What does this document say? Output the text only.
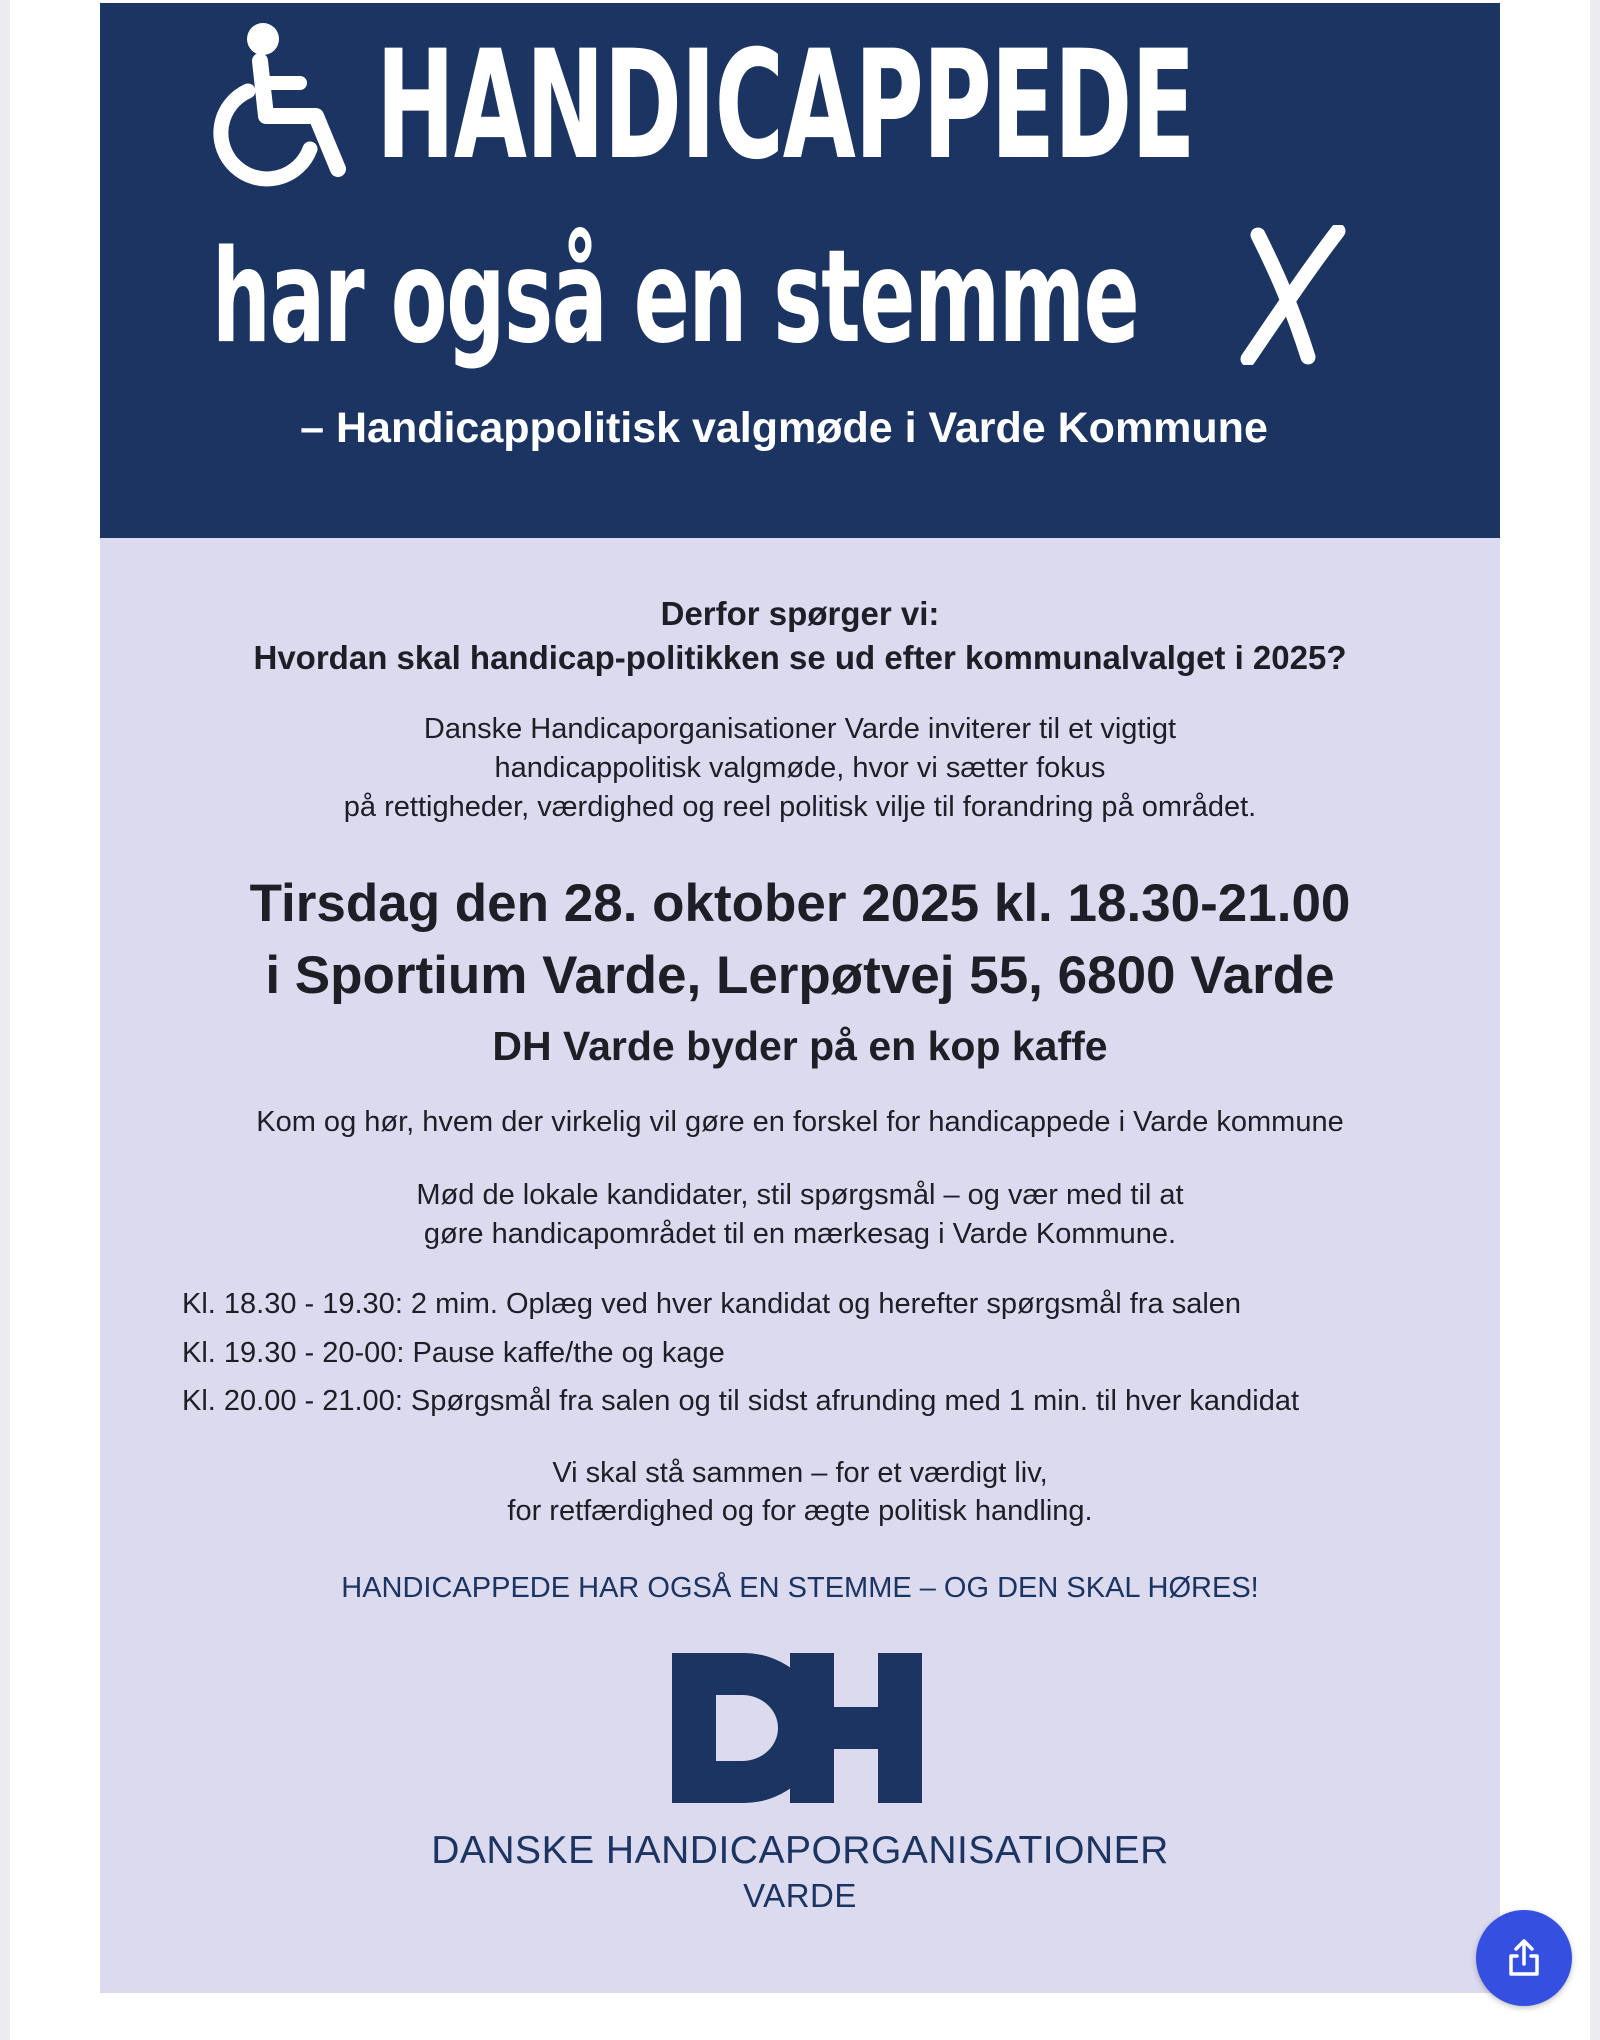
HANDICAPPEDE
har også en stemme
– Handicappolitisk valgmøde i Varde Kommune
Derfor spørger vi:
Hvordan skal handicap-politikken se ud efter kommunalvalget i 2025?
Danske Handicaporganisationer Varde inviterer til et vigtigt
handicappolitisk valgmøde, hvor vi sætter fokus
på rettigheder, værdighed og reel politisk vilje til forandring på området.
Tirsdag den 28. oktober 2025 kl. 18.30-21.00
i Sportium Varde, Lerpøtvej 55, 6800 Varde
DH Varde byder på en kop kaffe
Kom og hør, hvem der virkelig vil gøre en forskel for handicappede i Varde kommune
Mød de lokale kandidater, stil spørgsmål – og vær med til at
gøre handicapområdet til en mærkesag i Varde Kommune.
Kl. 18.30 - 19.30: 2 mim. Oplæg ved hver kandidat og herefter spørgsmål fra salen
Kl. 19.30 - 20-00: Pause kaffe/the og kage
Kl. 20.00 - 21.00: Spørgsmål fra salen og til sidst afrunding med 1 min. til hver kandidat
Vi skal stå sammen – for et værdigt liv,
for retfærdighed og for ægte politisk handling.
HANDICAPPEDE HAR OGSÅ EN STEMME – OG DEN SKAL HØRES!
DANSKE HANDICAPORGANISATIONER
VARDE
